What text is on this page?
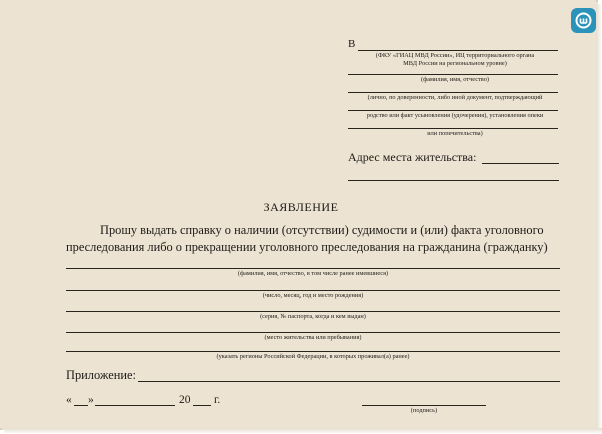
В
(ФКУ «ГИАЦ МВД России», ИЦ территориального органа
МВД России на региональном уровне)
(фамилия, имя, отчество)
(лично, по доверенности, либо иной документ, подтверждающий
родство или факт усыновления (удочерения), установления опеки
или попечительства)
Адрес места жительства:
ЗАЯВЛЕНИЕ
Прошу выдать справку о наличии (отсутствии) судимости и (или) факта уголовного
преследования либо о прекращении уголовного преследования на гражданина (гражданку)
(фамилия, имя, отчество, в том числе ранее имевшиеся)
(число, месяц, год и место рождения)
(серия, № паспорта, когда и кем выдан)
(место жительства или пребывания)
(указать регионы Российской Федерации, в которых проживал(а) ранее)
Приложение:
« »	20 г.
(подпись)
